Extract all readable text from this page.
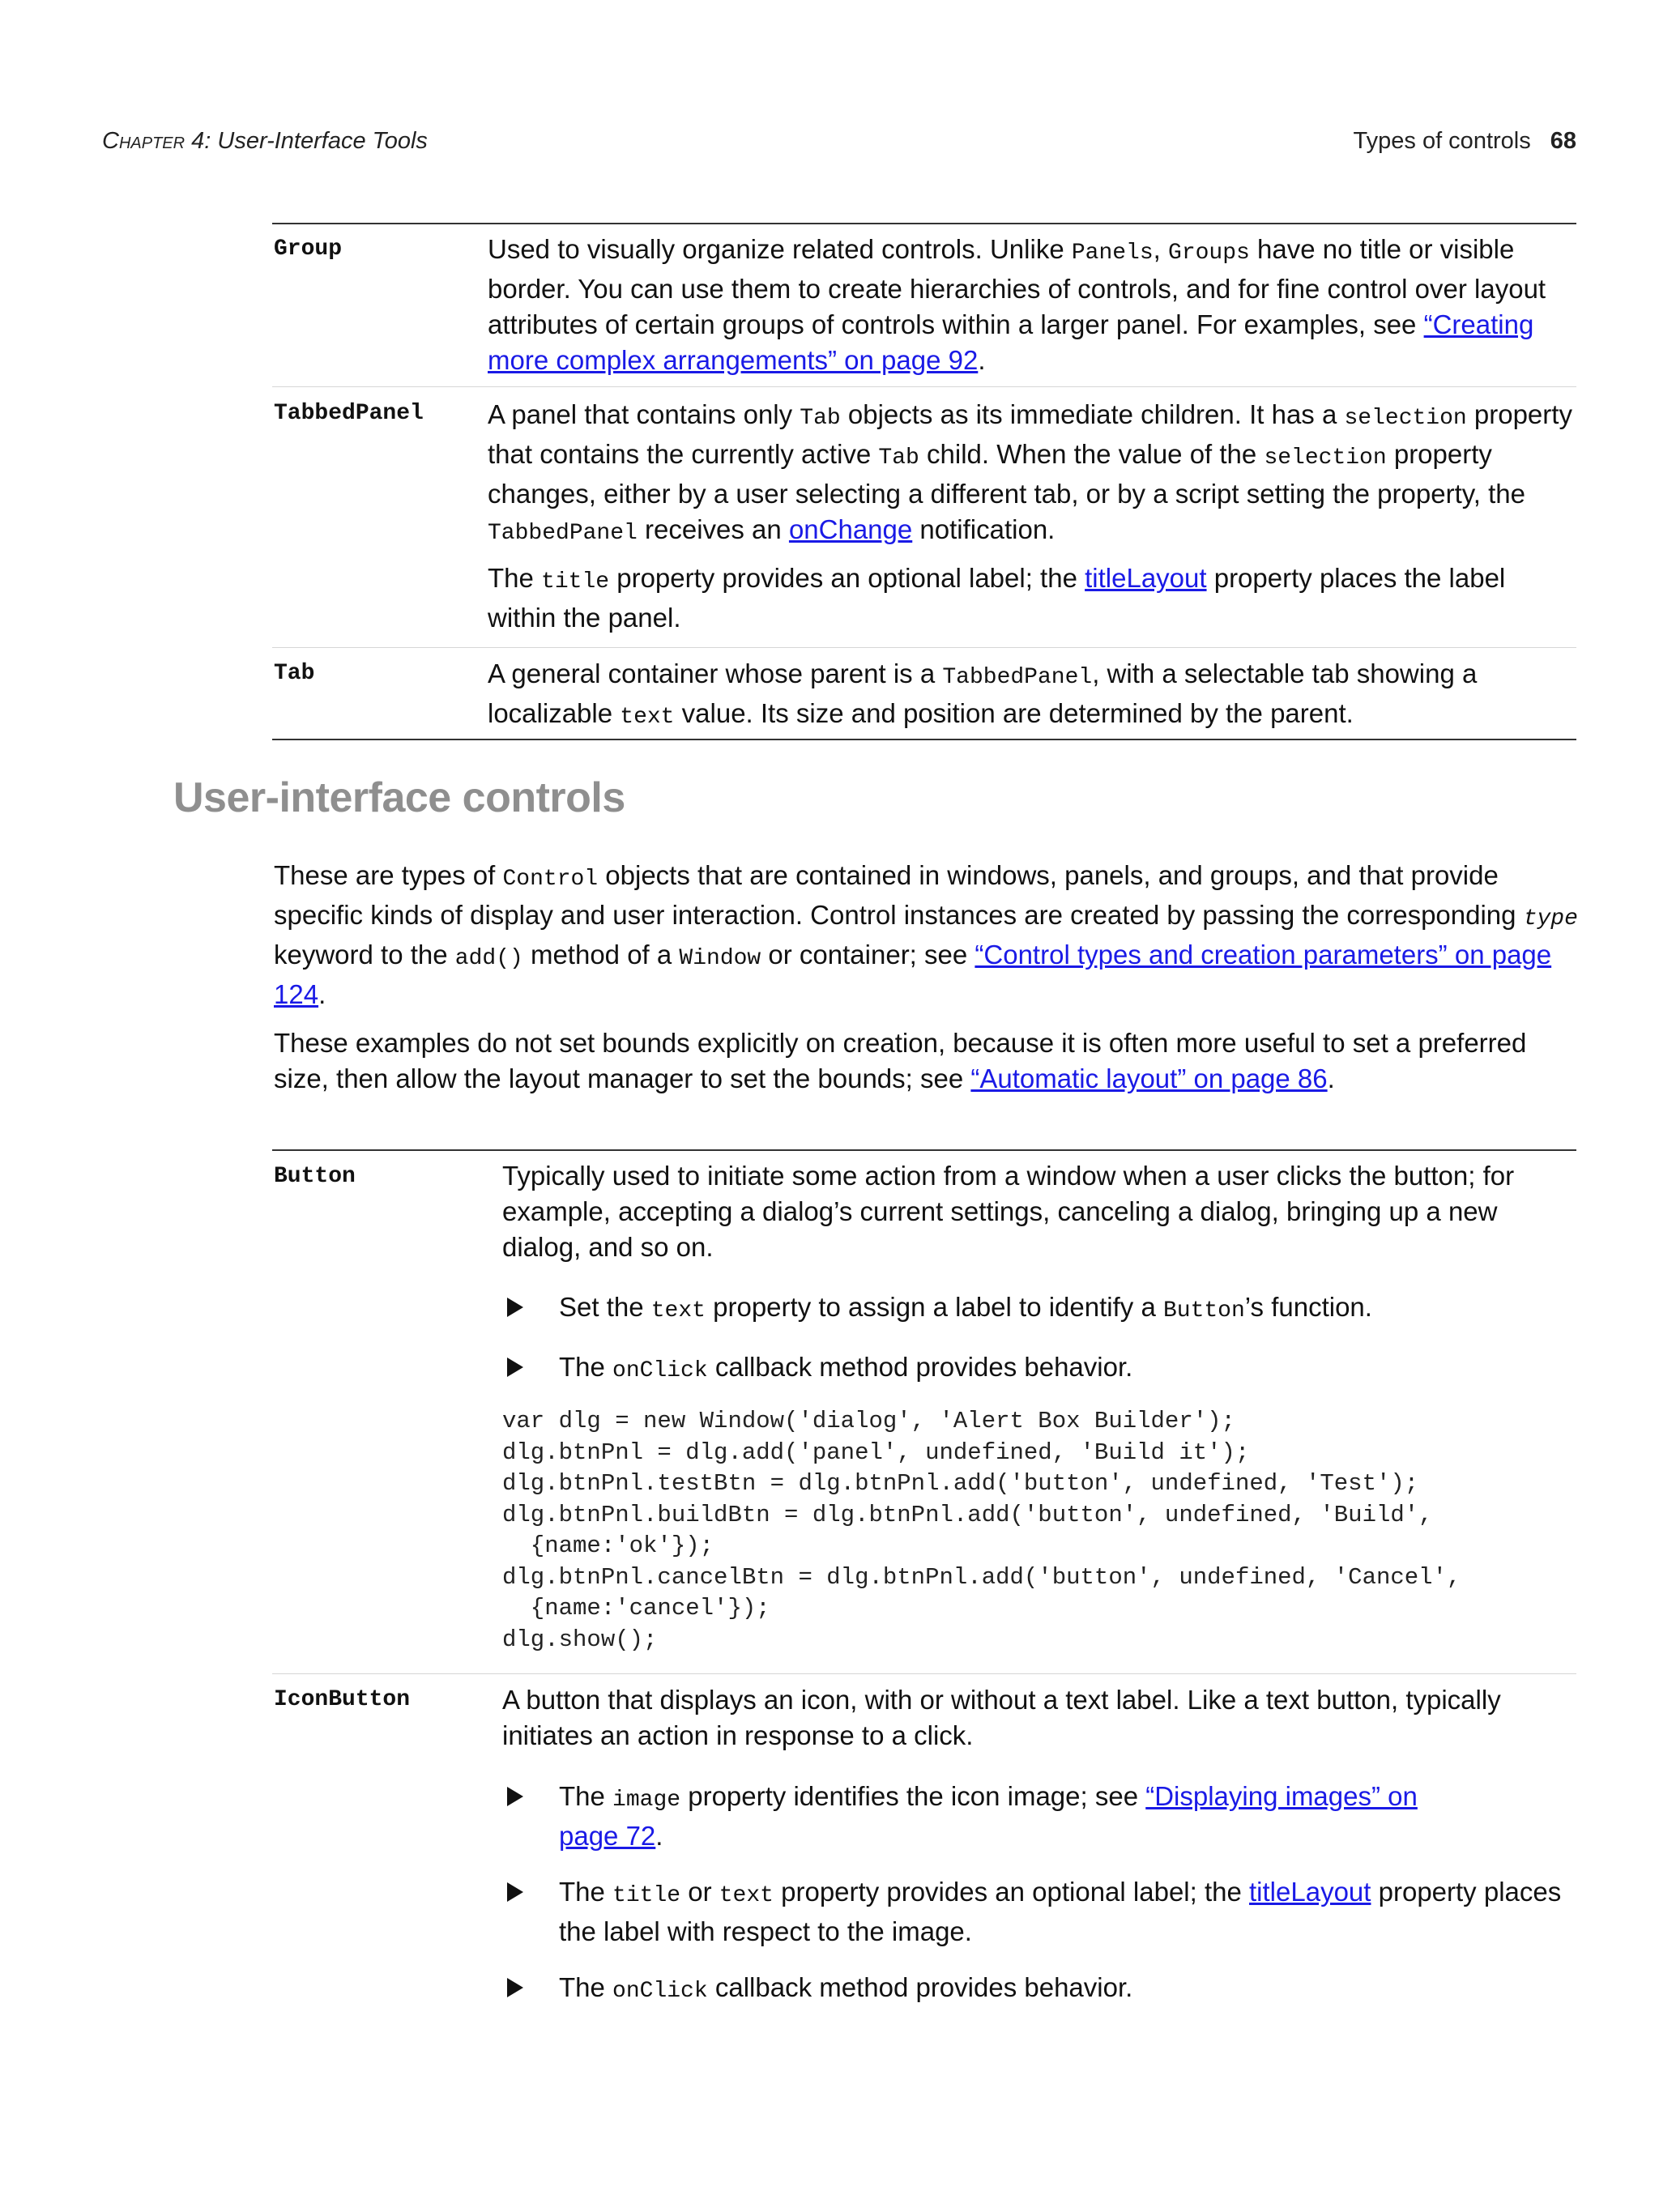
Chapter 4: User-Interface Tools	Types of controls 68
Group	Used to visually organize related controls. Unlike Panels, Groups have no title or visible border. You can use them to create hierarchies of controls, and for fine control over layout attributes of certain groups of controls within a larger panel. For examples, see “Creating more complex arrangements” on page 92.

TabbedPanel A panel that contains only Tab objects as its immediate children. It has a selection property that contains the currently active Tab child. When the value of the selection property changes, either by a user selecting a different tab, or by a script setting the property, the TabbedPanel receives an onChange notification.

The title property provides an optional label; the titleLayout property places the label within the panel.

Tab	A general container whose parent is a TabbedPanel, with a selectable tab showing a localizable text value. Its size and position are determined by the parent.

User-interface controls

These are types of Control objects that are contained in windows, panels, and groups, and that provide specific kinds of display and user interaction. Control instances are created by passing the corresponding type keyword to the add() method of a Window or container; see “Control types and creation parameters” on page 124.

These examples do not set bounds explicitly on creation, because it is often more useful to set a preferred size, then allow the layout manager to set the bounds; see “Automatic layout” on page 86.

Button	Typically used to initiate some action from a window when a user clicks the button; for example, accepting a dialog’s current settings, canceling a dialog, bringing up a new dialog, and so on.

Set the text property to assign a label to identify a Button’s function.
The onClick callback method provides behavior.
var dlg = new Window('dialog', 'Alert Box Builder');
dlg.btnPnl = dlg.add('panel', undefined, 'Build it');
dlg.btnPnl.testBtn = dlg.btnPnl.add('button', undefined, 'Test');
dlg.btnPnl.buildBtn = dlg.btnPnl.add('button', undefined, 'Build',
{name:'ok'});
dlg.btnPnl.cancelBtn = dlg.btnPnl.add('button', undefined, 'Cancel',
{name:'cancel'});
dlg.show();
IconButton	A button that displays an icon, with or without a text label. Like a text button, typically initiates an action in response to a click.

The image property identifies the icon image; see “Displaying images” on page 72.
The title or text property provides an optional label; the titleLayout property places the label with respect to the image.
The onClick callback method provides behavior.
